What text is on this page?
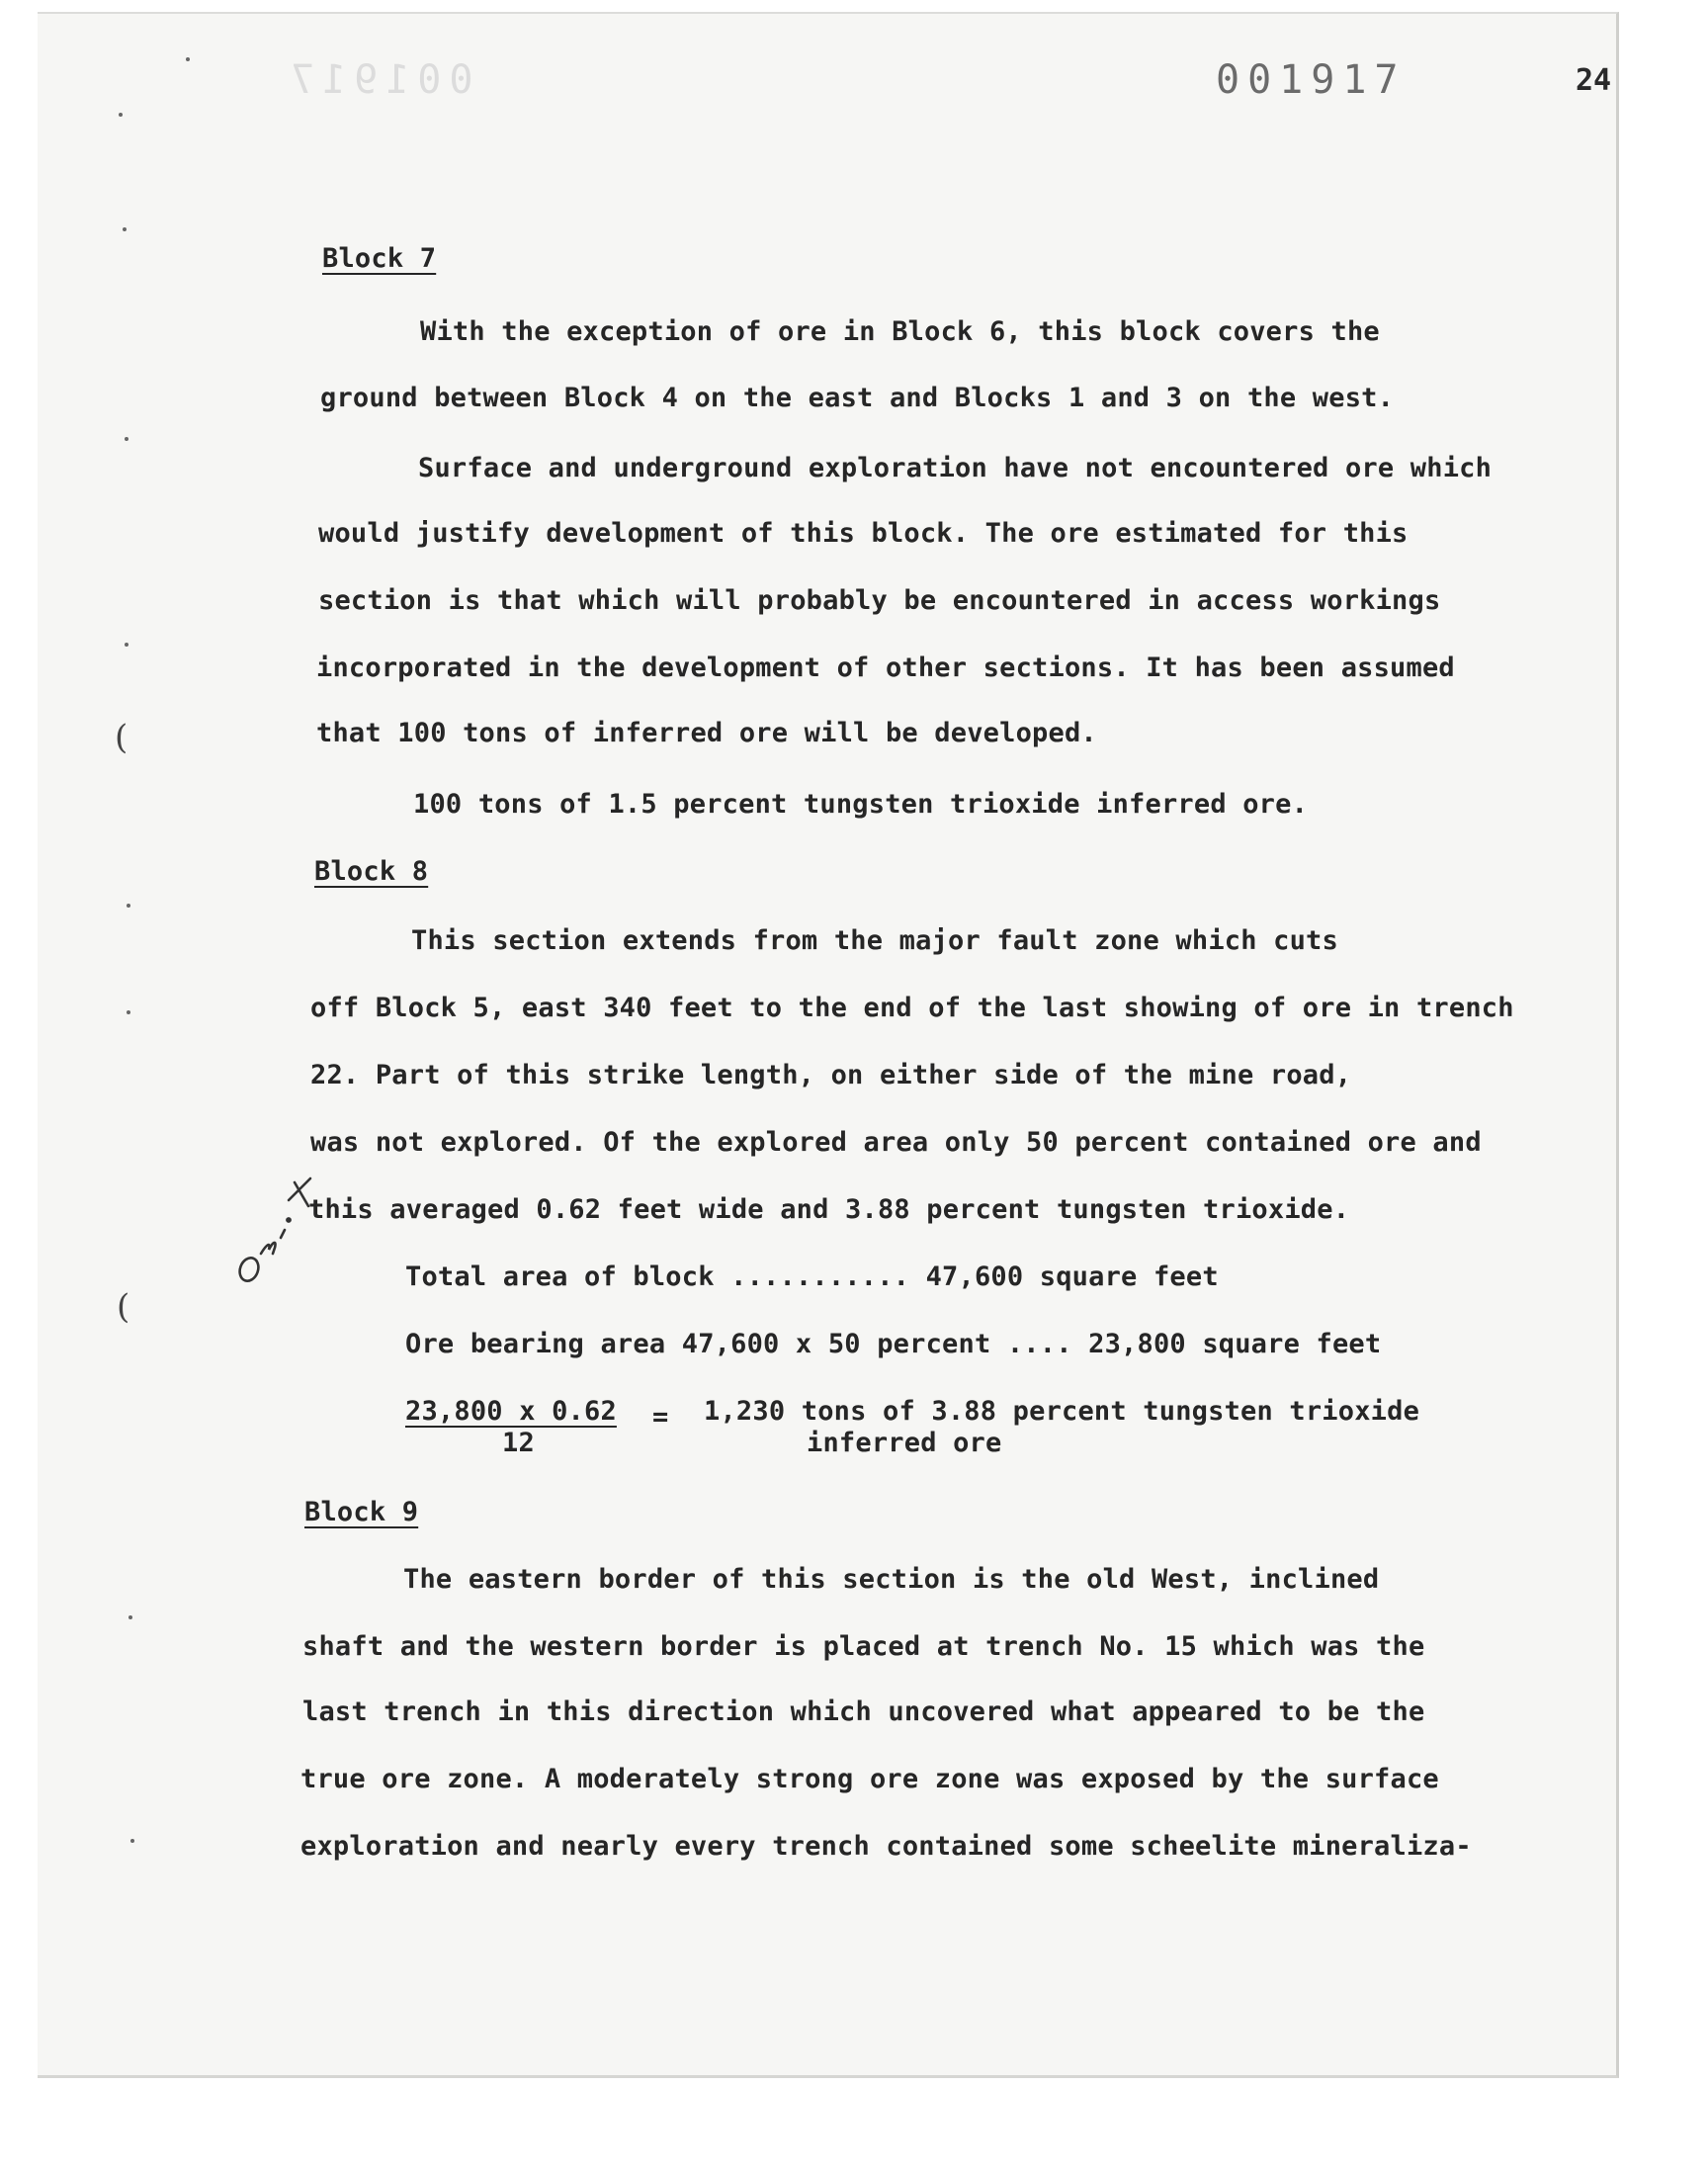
001917	001917	24
Block 7
With the exception of ore in Block 6, this block covers the
ground between Block 4 on the east and Blocks 1 and 3 on the west.
Surface and underground exploration have not encountered ore which
would justify development of this block. The ore estimated for this
section is that which will probably be encountered in access workings
incorporated in the development of other sections. It has been assumed
that 100 tons of inferred ore will be developed.
100 tons of 1.5 percent tungsten trioxide inferred ore.
Block 8
This section extends from the major fault zone which cuts
off Block 5, east 340 feet to the end of the last showing of ore in trench
22. Part of this strike length, on either side of the mine road,
was not explored. Of the explored area only 50 percent contained ore and
this averaged 0.62 feet wide and 3.88 percent tungsten trioxide.
Total area of block ........... 47,600 square feet
Ore bearing area 47,600 x 50 percent .... 23,800 square feet
23,800 x 0.62
12
= 1,230 tons of 3.88 percent tungsten trioxide
inferred ore
Block 9
The eastern border of this section is the old West, inclined
shaft and the western border is placed at trench No. 15 which was the
last trench in this direction which uncovered what appeared to be the
true ore zone. A moderately strong ore zone was exposed by the surface
exploration and nearly every trench contained some scheelite mineraliza-
(
(
